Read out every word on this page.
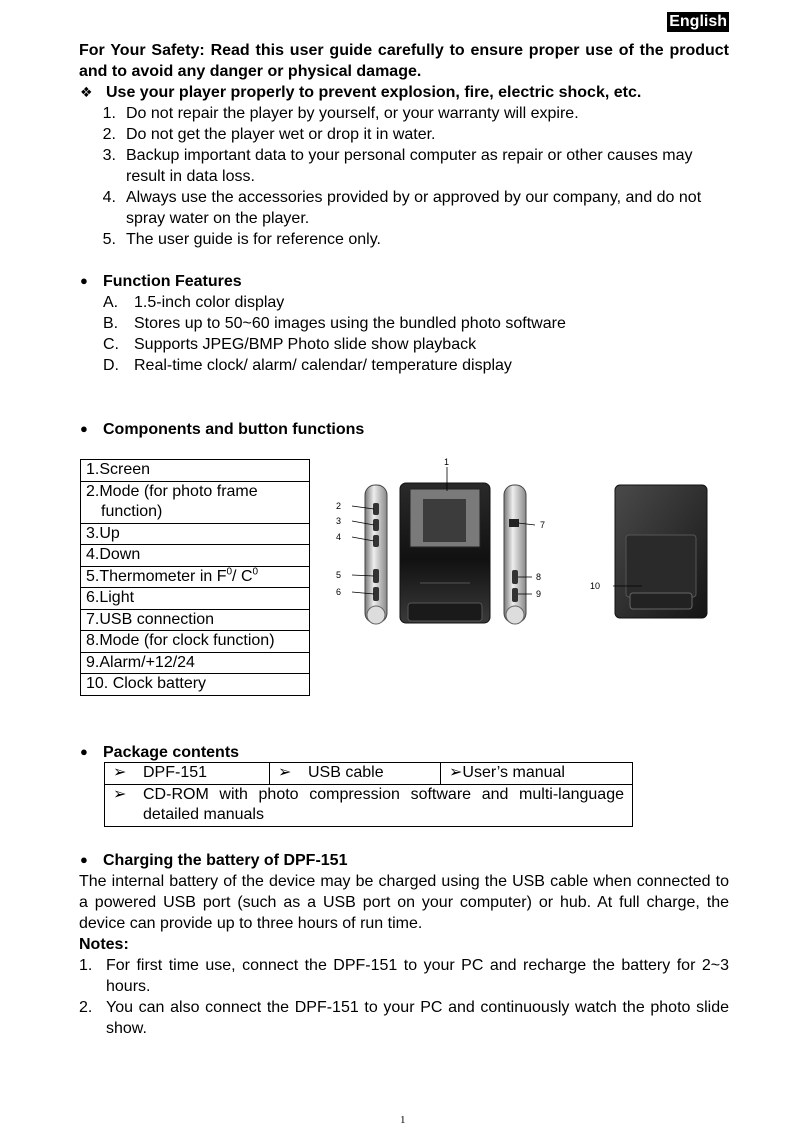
English
For Your Safety: Read this user guide carefully to ensure proper use of the product
and to avoid any danger or physical damage.
❖ Use your player properly to prevent explosion, fire, electric shock, etc.
1. Do not repair the player by yourself, or your warranty will expire.
2. Do not get the player wet or drop it in water.
3. Backup important data to your personal computer as repair or other causes may
result in data loss.
4. Always use the accessories provided by or approved by our company, and do not
spray water on the player.
5. The user guide is for reference only.
● Function Features
A. 1.5-inch color display
B. Stores up to 50~60 images using the bundled photo software
C. Supports JPEG/BMP Photo slide show playback
D. Real-time clock/ alarm/ calendar/ temperature display
● Components and button functions
1.Screen
2.Mode (for photo frame
function)
3.Up
4.Down
5.Thermometer in $F^0/$ $C^0$
6.Light
7.USB connection
8.Mode (for clock function)
9.Alarm/+12/24
10. Clock battery
1
2
3
4
5
6
7
8
9
10
● Package contents
➢ DPF-151	➢ USB cable	➢User’s manual

➢	CD-ROM with photo compression software and multi-language
detailed manuals
● Charging the battery of DPF-151
The internal battery of the device may be charged using the USB cable when connected to
a powered USB port (such as a USB port on your computer) or hub. At full charge, the
device can provide up to three hours of run time.
Notes:
1. For first time use, connect the DPF-151 to your PC and recharge the battery for 2~3
hours.
2. You can also connect the DPF-151 to your PC and continuously watch the photo slide
show.
1
